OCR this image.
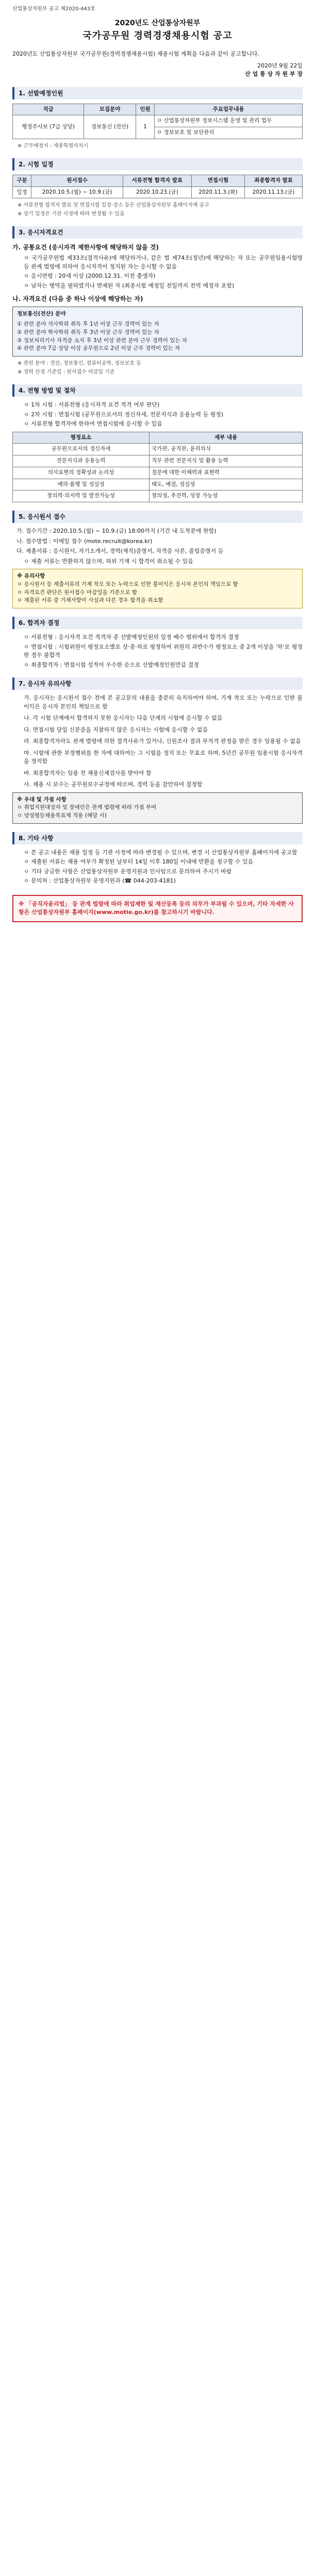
산업통상자원부 공고 제2020-443호
2020년도 산업통상자원부
국가공무원 경력경쟁채용시험 공고
2020년도 산업통상자원부 국가공무원(경력경쟁채용시험) 채용시험 계획을 다음과 같이 공고합니다.
2020년 9월 22일
산 업 통 상 자 원 부 장
1. 선발예정인원
직급	모집분야	인원	주요업무내용
행정주사보 (7급 상당)	정보통신 (전산)	1	ㅇ 산업통상자원부 정보시스템 운영 및 관리 업무
			ㅇ 정보보호 및 보안관리
※ 근무예정지 : 세종특별자치시
2. 시험 일정
구분	원서접수	서류전형 합격자 발표	면접시험	최종합격자 발표
일정	2020.10.5.(월) ~ 10.9.(금)	2020.10.23.(금)	2020.11.3.(화)	2020.11.13.(금)
※ 서류전형 합격자 발표 및 면접시험 일정·장소 등은 산업통상자원부 홈페이지에 공고
※ 상기 일정은 기관 사정에 따라 변경될 수 있음
3. 응시자격요건
가. 공통요건 (응시자격 제한사항에 해당하지 않을 것)
ㅇ 국가공무원법 제33조(결격사유)에 해당하거나, 같은 법 제74조(정년)에 해당하는 자 또는 공무원임용시험령 등 관계 법령에 의하여 응시자격이 정지된 자는 응시할 수 없음
ㅇ 응시연령 : 20세 이상 (2000.12.31. 이전 출생자)
ㅇ 남자는 병역을 필하였거나 면제된 자 (최종시험 예정일 전일까지 전역 예정자 포함)
나. 자격요건 (다음 중 하나 이상에 해당하는 자)
정보통신(전산) 분야
① 관련 분야 석사학위 취득 후 1년 이상 근무 경력이 있는 자
② 관련 분야 학사학위 취득 후 3년 이상 근무 경력이 있는 자
③ 정보처리기사 자격증 소지 후 3년 이상 관련 분야 근무 경력이 있는 자
④ 관련 분야 7급 상당 이상 공무원으로 2년 이상 근무 경력이 있는 자
※ 관련 분야 : 전산, 정보통신, 컴퓨터공학, 정보보호 등
※ 경력 산정 기준일 : 원서접수 마감일 기준
4. 전형 방법 및 절차
ㅇ 1차 시험 : 서류전형 (응시자격 요건 적격 여부 판단)
ㅇ 2차 시험 : 면접시험 (공무원으로서의 정신자세, 전문지식과 응용능력 등 평정)
ㅇ 서류전형 합격자에 한하여 면접시험에 응시할 수 있음
평정요소	세부 내용
공무원으로서의 정신자세	국가관, 공직관, 윤리의식
전문지식과 응용능력	직무 관련 전문지식 및 활용 능력
의사표현의 정확성과 논리성	질문에 대한 이해력과 표현력
예의·품행 및 성실성	태도, 예절, 성실성
창의력·의지력 및 발전가능성	창의성, 추진력, 성장 가능성
5. 응시원서 접수
가. 접수기간 : 2020.10.5.(월) ~ 10.9.(금) 18:00까지 (기간 내 도착분에 한함)
나. 접수방법 : 이메일 접수 (mote.recruit@korea.kr)
다. 제출서류 : 응시원서, 자기소개서, 경력(재직)증명서, 자격증 사본, 졸업증명서 등
ㅇ 제출 서류는 반환하지 않으며, 허위 기재 시 합격이 취소될 수 있음
※ 유의사항
ㅇ 응시원서 등 제출서류의 기재 착오 또는 누락으로 인한 불이익은 응시자 본인의 책임으로 함
ㅇ 자격요건 판단은 원서접수 마감일을 기준으로 함
ㅇ 제출된 서류 중 기재사항이 사실과 다른 경우 합격을 취소함
6. 합격자 결정
ㅇ 서류전형 : 응시자격 요건 적격자 중 선발예정인원의 일정 배수 범위에서 합격자 결정
ㅇ 면접시험 : 시험위원이 평정요소별로 상·중·하로 평정하여 위원의 과반수가 평정요소 중 2개 이상을 '하'로 평정한 경우 불합격
ㅇ 최종합격자 : 면접시험 성적이 우수한 순으로 선발예정인원만큼 결정
7. 응시자 유의사항
가. 응시자는 응시원서 접수 전에 본 공고문의 내용을 충분히 숙지하여야 하며, 기재 착오 또는 누락으로 인한 불이익은 응시자 본인의 책임으로 함
나. 각 시험 단계에서 합격하지 못한 응시자는 다음 단계의 시험에 응시할 수 없음
다. 면접시험 당일 신분증을 지참하지 않은 응시자는 시험에 응시할 수 없음
라. 최종합격자라도 관계 법령에 의한 결격사유가 있거나, 신원조사 결과 부적격 판정을 받은 경우 임용될 수 없음
마. 시험에 관한 부정행위를 한 자에 대하여는 그 시험을 정지 또는 무효로 하며, 5년간 공무원 임용시험 응시자격을 정지함
바. 최종합격자는 임용 전 채용신체검사를 받아야 함
사. 채용 시 보수는 공무원보수규정에 따르며, 경력 등을 감안하여 결정함
※ 우대 및 가점 사항
ㅇ 취업지원대상자 및 장애인은 관계 법령에 따라 가점 부여
ㅇ 양성평등채용목표제 적용 (해당 시)
8. 기타 사항
ㅇ 본 공고 내용은 채용 일정 등 기관 사정에 따라 변경될 수 있으며, 변경 시 산업통상자원부 홈페이지에 공고함
ㅇ 제출된 서류는 채용 여부가 확정된 날부터 14일 이후 180일 이내에 반환을 청구할 수 있음
ㅇ 기타 궁금한 사항은 산업통상자원부 운영지원과 인사팀으로 문의하여 주시기 바람
ㅇ 문의처 : 산업통상자원부 운영지원과 (☎ 044-203-4181)
※ 「공직자윤리법」 등 관계 법령에 따라 취업제한 및 재산등록 등의 의무가 부과될 수 있으며, 기타 자세한 사항은 산업통상자원부 홈페이지(www.motie.go.kr)를 참고하시기 바랍니다.
